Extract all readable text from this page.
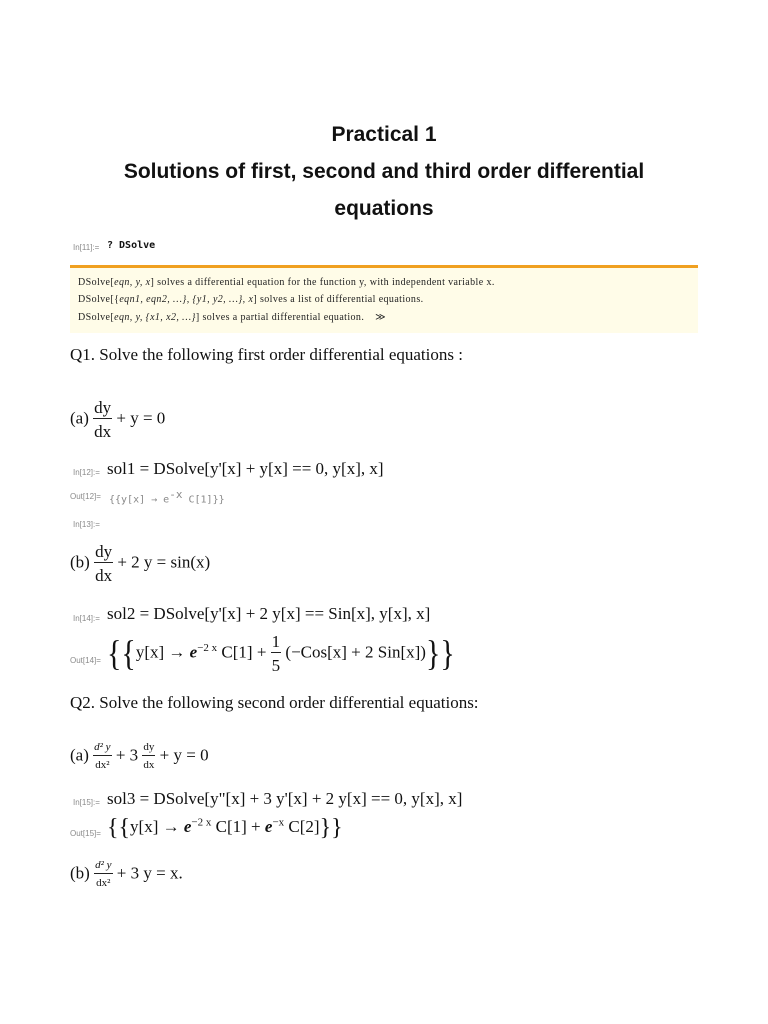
Practical 1
Solutions of first, second and third order differential
equations
In[11]:= ? DSolve
DSolve[eqn, y, x] solves a differential equation for the function y, with independent variable x.
DSolve[{eqn1, eqn2, …}, {y1, y2, …}, x] solves a list of differential equations.
DSolve[eqn, y, {x1, x2, …}] solves a partial differential equation. ≫
Q1. Solve the following first order differential equations :
$(a) \frac{dy}{dx} + y = 0$
In[12]:= sol1 = DSolve[y'[x] + y[x] == 0, y[x], x]
$Out[12]= \{\{y[x] \to e^{-x}$ C[1]}}
In[13]:=
$(b) \frac{dy}{dx} + 2$ y = sin(x)
In[14]:= sol2 = DSolve[y'[x] + 2 y[x] == Sin[x], y[x], x]
$Out[14]= \{\{y[x] \to e^{-2 x}$ $C[1] + \frac{1}{5} (-Cos[x] + 2$ Sin[x])}}
Q2. Solve the following second order differential equations:
$(a) \frac{\text{d² y}}{\text{dx²}} + 3 \frac{dy}{dx} + y = 0$
In[15]:= sol3 = DSolve[y"[x] + 3 y'[x] + 2 y[x] == 0, y[x], x]
$Out[15]= \{\{y[x] \to e^{-2 x}$ $C[1] + e^{-x}$ C[2]}}
$(b) \frac{\text{d² y}}{\text{dx²}} + 3$ y = x.
